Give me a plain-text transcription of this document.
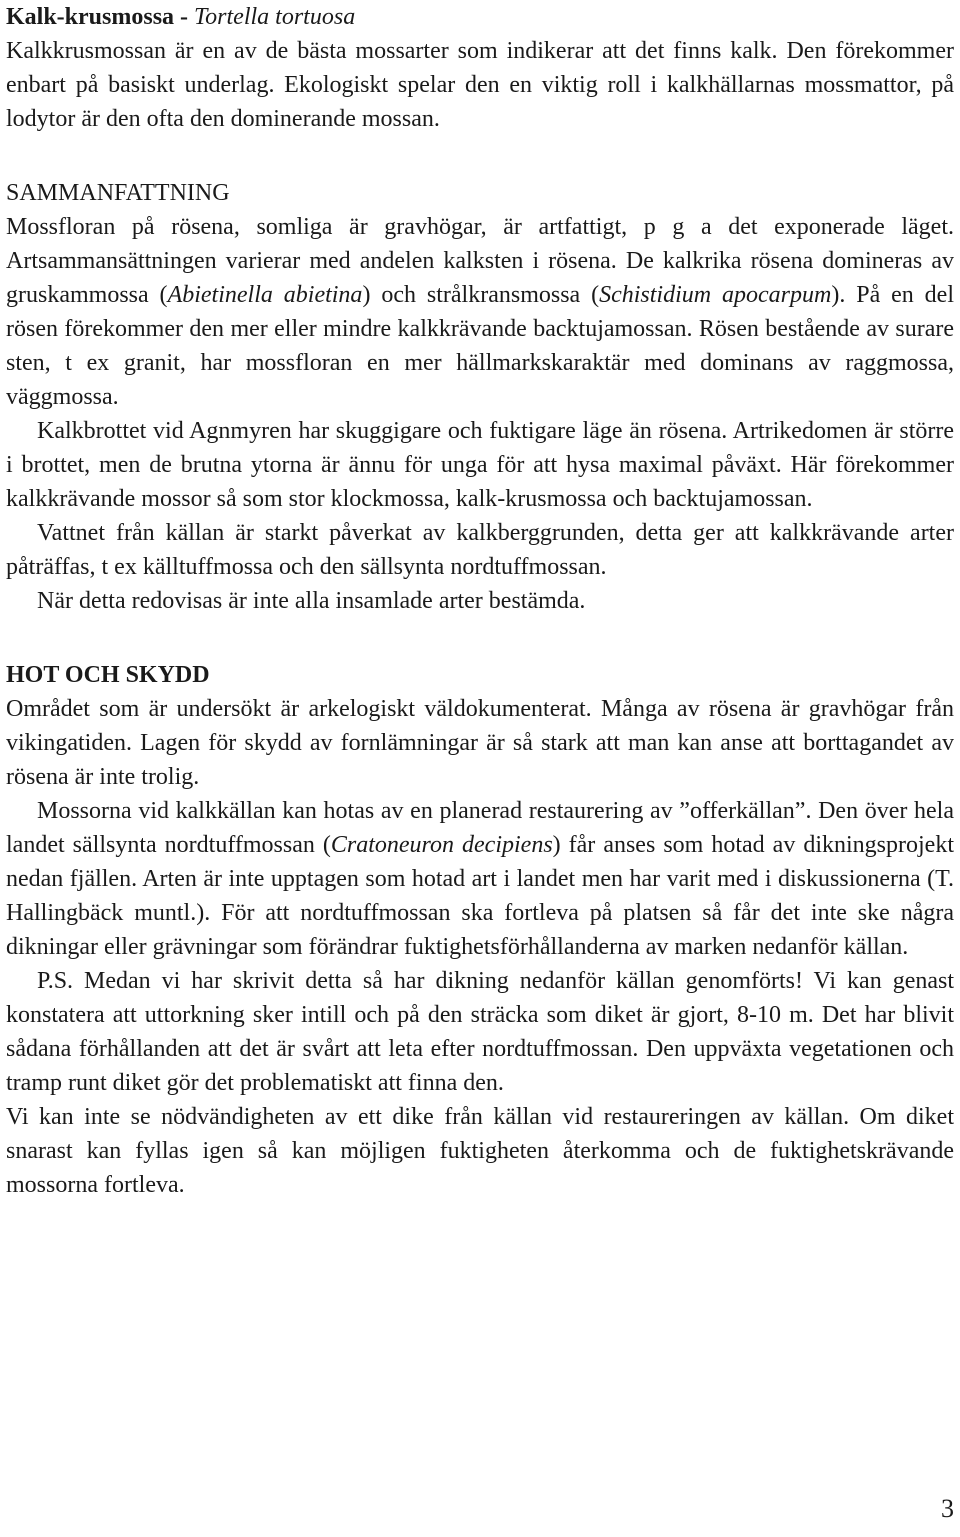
Kalk-krusmossa - Tortella tortuosa

Kalkkrusmossan är en av de bästa mossarter som indikerar att det finns kalk. Den förekommer enbart på basiskt underlag. Ekologiskt spelar den en viktig roll i kalkhällarnas mossmattor, på lodytor är den ofta den dominerande mossan.

SAMMANFATTNING

Mossfloran på rösena, somliga är gravhögar, är artfattigt, p g a det exponerade läget. Artsammansättningen varierar med andelen kalksten i rösena. De kalkrika rösena domineras av gruskammossa (Abietinella abietina) och strålkransmossa (Schistidium apocarpum). På en del rösen förekommer den mer eller mindre kalkkrävande backtujamossan. Rösen bestående av surare sten, t ex granit, har mossfloran en mer hällmarkskaraktär med dominans av raggmossa, väggmossa.

Kalkbrottet vid Agnmyren har skuggigare och fuktigare läge än rösena. Artrikedomen är större i brottet, men de brutna ytorna är ännu för unga för att hysa maximal påväxt. Här förekommer kalkkrävande mossor så som stor klockmossa, kalk-krusmossa och backtujamossan.

Vattnet från källan är starkt påverkat av kalkberggrunden, detta ger att kalkkrävande arter påträffas, t ex källtuffmossa och den sällsynta nordtuffmossan.

När detta redovisas är inte alla insamlade arter bestämda.

HOT OCH SKYDD

Området som är undersökt är arkelogiskt väldokumenterat. Många av rösena är gravhögar från vikingatiden. Lagen för skydd av fornlämningar är så stark att man kan anse att borttagandet av rösena är inte trolig.

Mossorna vid kalkkällan kan hotas av en planerad restaurering av ”offerkällan”. Den över hela landet sällsynta nordtuffmossan (Cratoneuron decipiens) får anses som hotad av dikningsprojekt nedan fjällen. Arten är inte upptagen som hotad art i landet men har varit med i diskussionerna (T. Hallingbäck muntl.). För att nordtuffmossan ska fortleva på platsen så får det inte ske några dikningar eller grävningar som förändrar fuktighetsförhållanderna av marken nedanför källan.

P.S. Medan vi har skrivit detta så har dikning nedanför källan genomförts! Vi kan genast konstatera att uttorkning sker intill och på den sträcka som diket är gjort, 8-10 m. Det har blivit sådana förhållanden att det är svårt att leta efter nordtuffmossan. Den uppväxta vegetationen och tramp runt diket gör det problematiskt att finna den.

Vi kan inte se nödvändigheten av ett dike från källan vid restaureringen av källan. Om diket snarast kan fyllas igen så kan möjligen fuktigheten återkomma och de fuktighetskrävande mossorna fortleva.

3
